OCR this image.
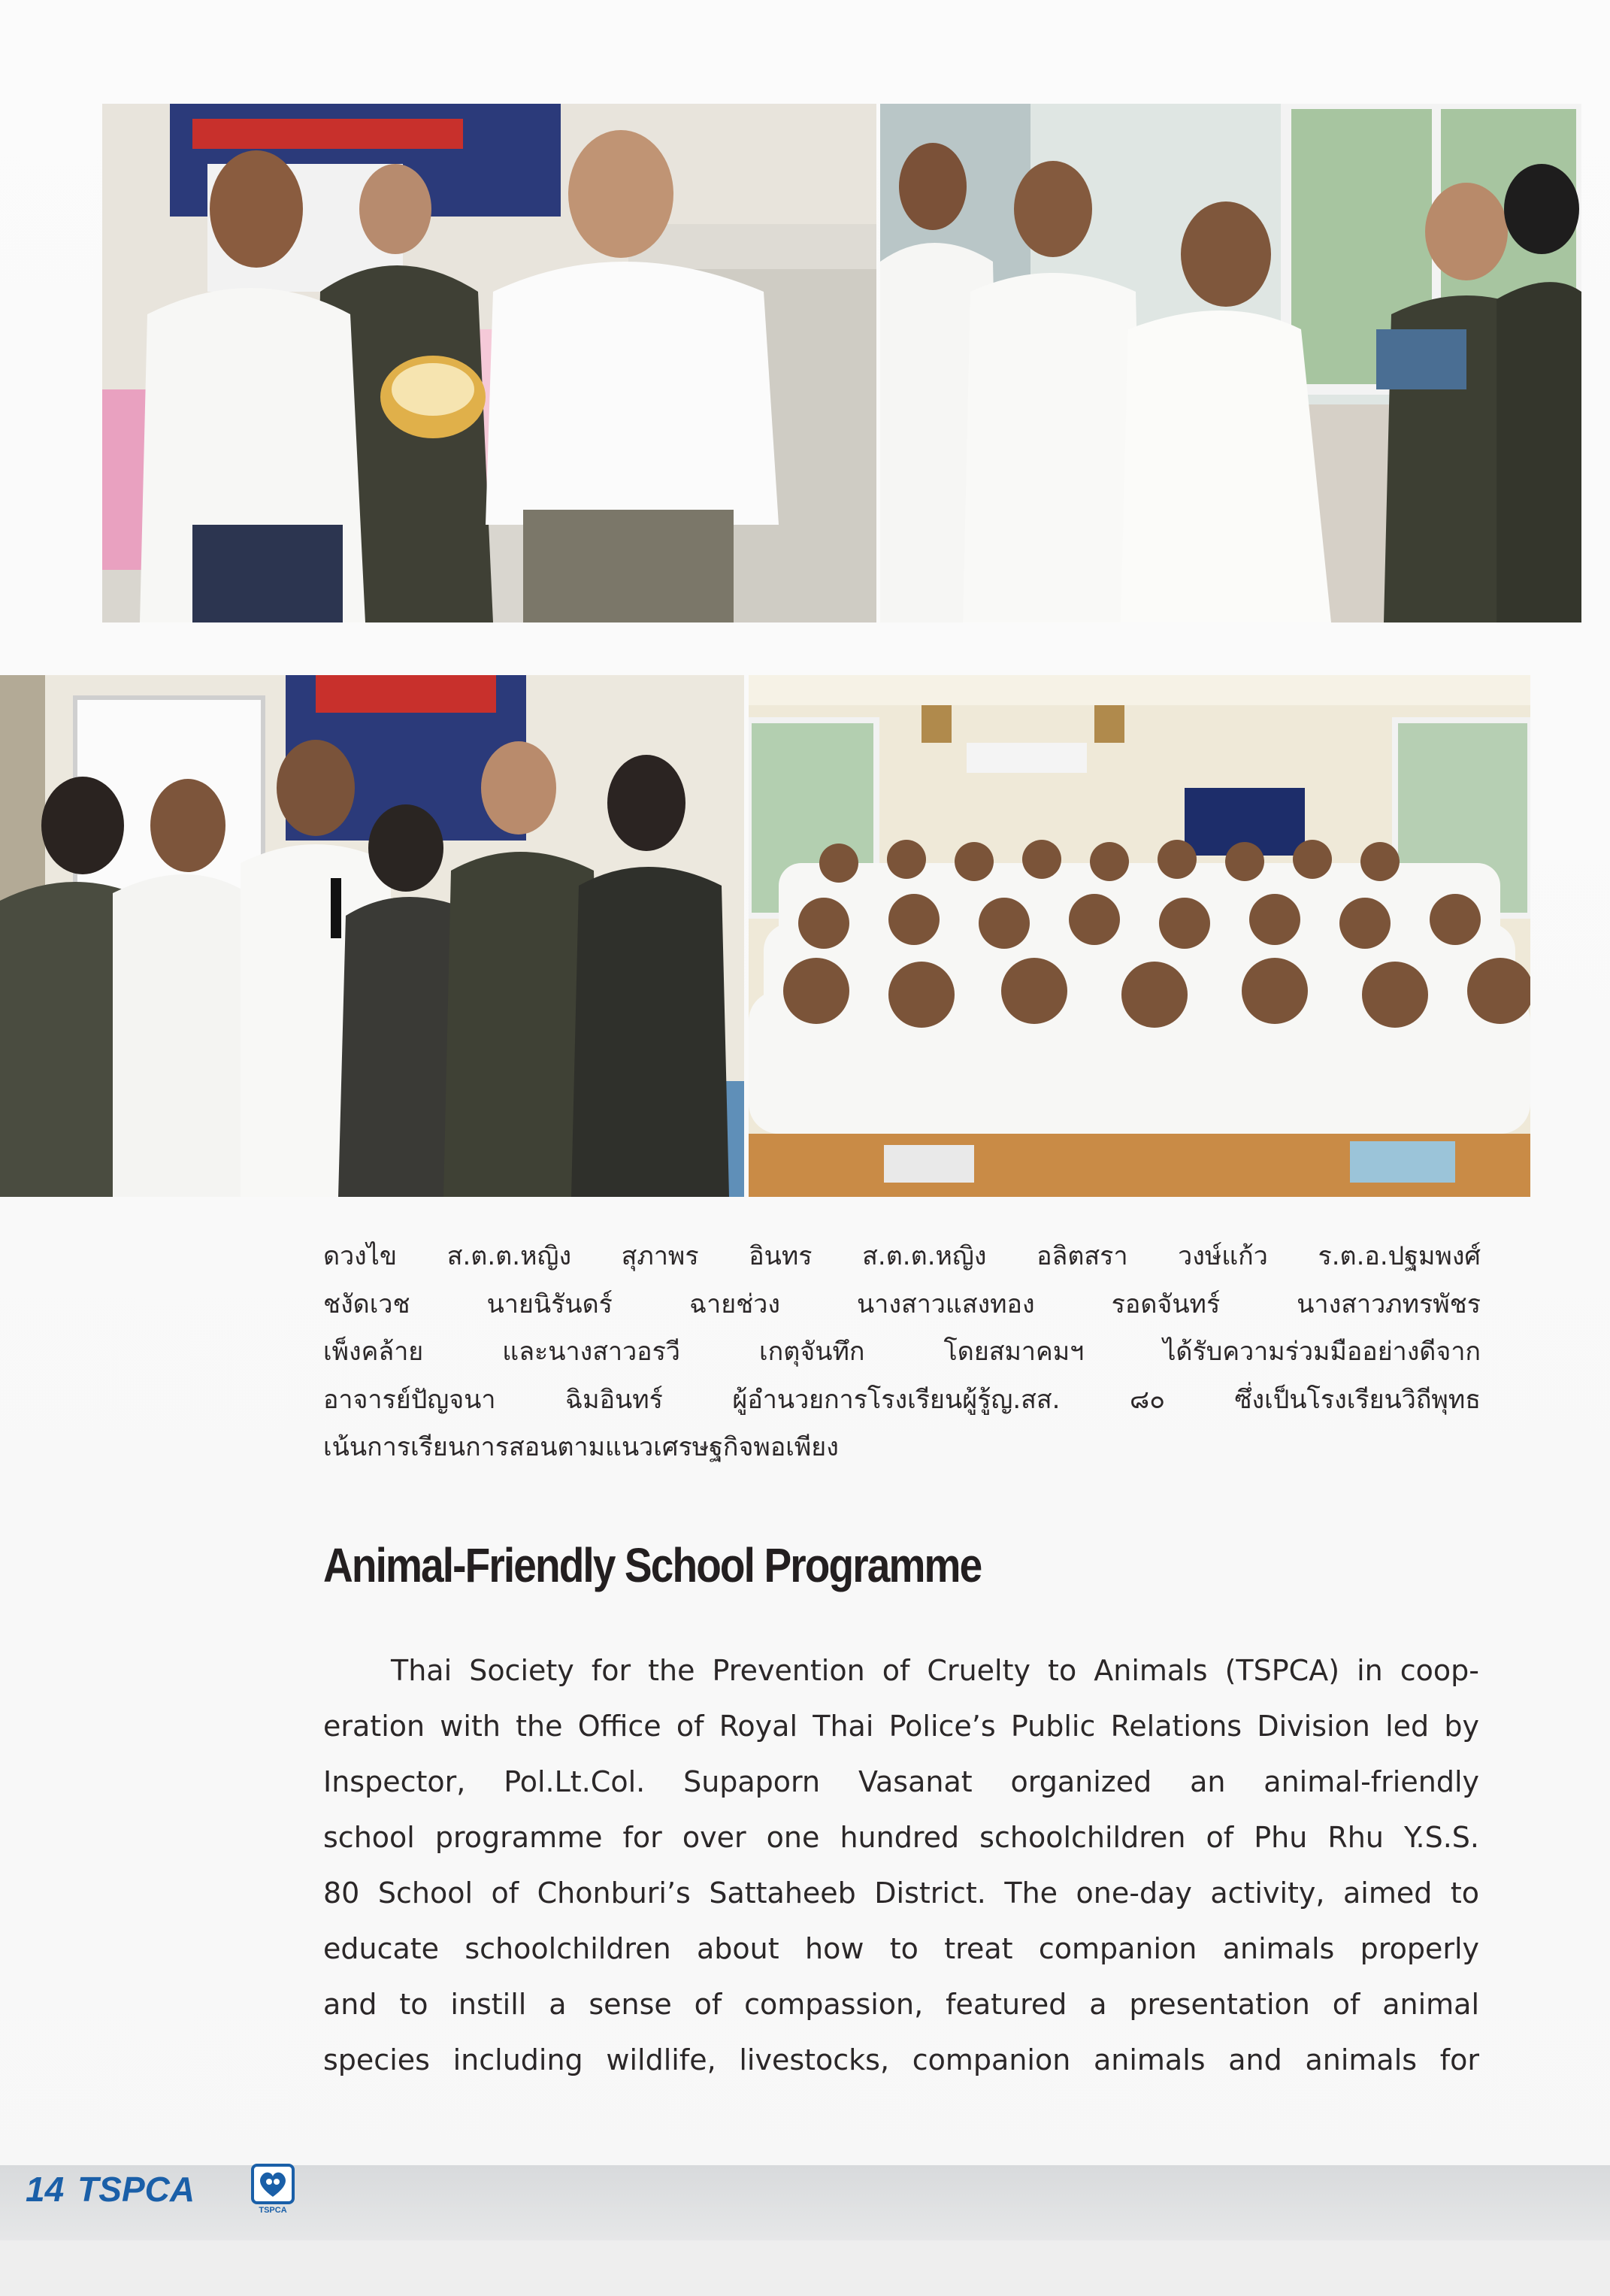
ดวงไข ส.ต.ต.หญิง สุภาพร อินทร ส.ต.ต.หญิง อลิตสรา วงษ์แก้ว ร.ต.อ.ปฐมพงศ์

ชงัดเวช นายนิรันดร์ ฉายช่วง นางสาวแสงทอง รอดจันทร์ นางสาวภทรพัชร

เพ็งคล้าย และนางสาวอรวี เกตุจันทึก โดยสมาคมฯ ได้รับความร่วมมืออย่างดีจาก

อาจารย์ปัญจนา ฉิมอินทร์ ผู้อำนวยการโรงเรียนผู้รู้ญ.สส. ๘๐ ซึ่งเป็นโรงเรียนวิถีพุทธ

เน้นการเรียนการสอนตามแนวเศรษฐกิจพอเพียง

Animal-Friendly School Programme

Thai Society for the Prevention of Cruelty to Animals (TSPCA) in coop-

eration with the Office of Royal Thai Police’s Public Relations Division led by

Inspector, Pol.Lt.Col. Supaporn Vasanat organized an animal-friendly

school programme for over one hundred schoolchildren of Phu Rhu Y.S.S.

80 School of Chonburi’s Sattaheeb District. The one-day activity, aimed to

educate schoolchildren about how to treat companion animals properly

and to instill a sense of compassion, featured a presentation of animal

species including wildlife, livestocks, companion animals and animals for

14 TSPCA
TSPCA
